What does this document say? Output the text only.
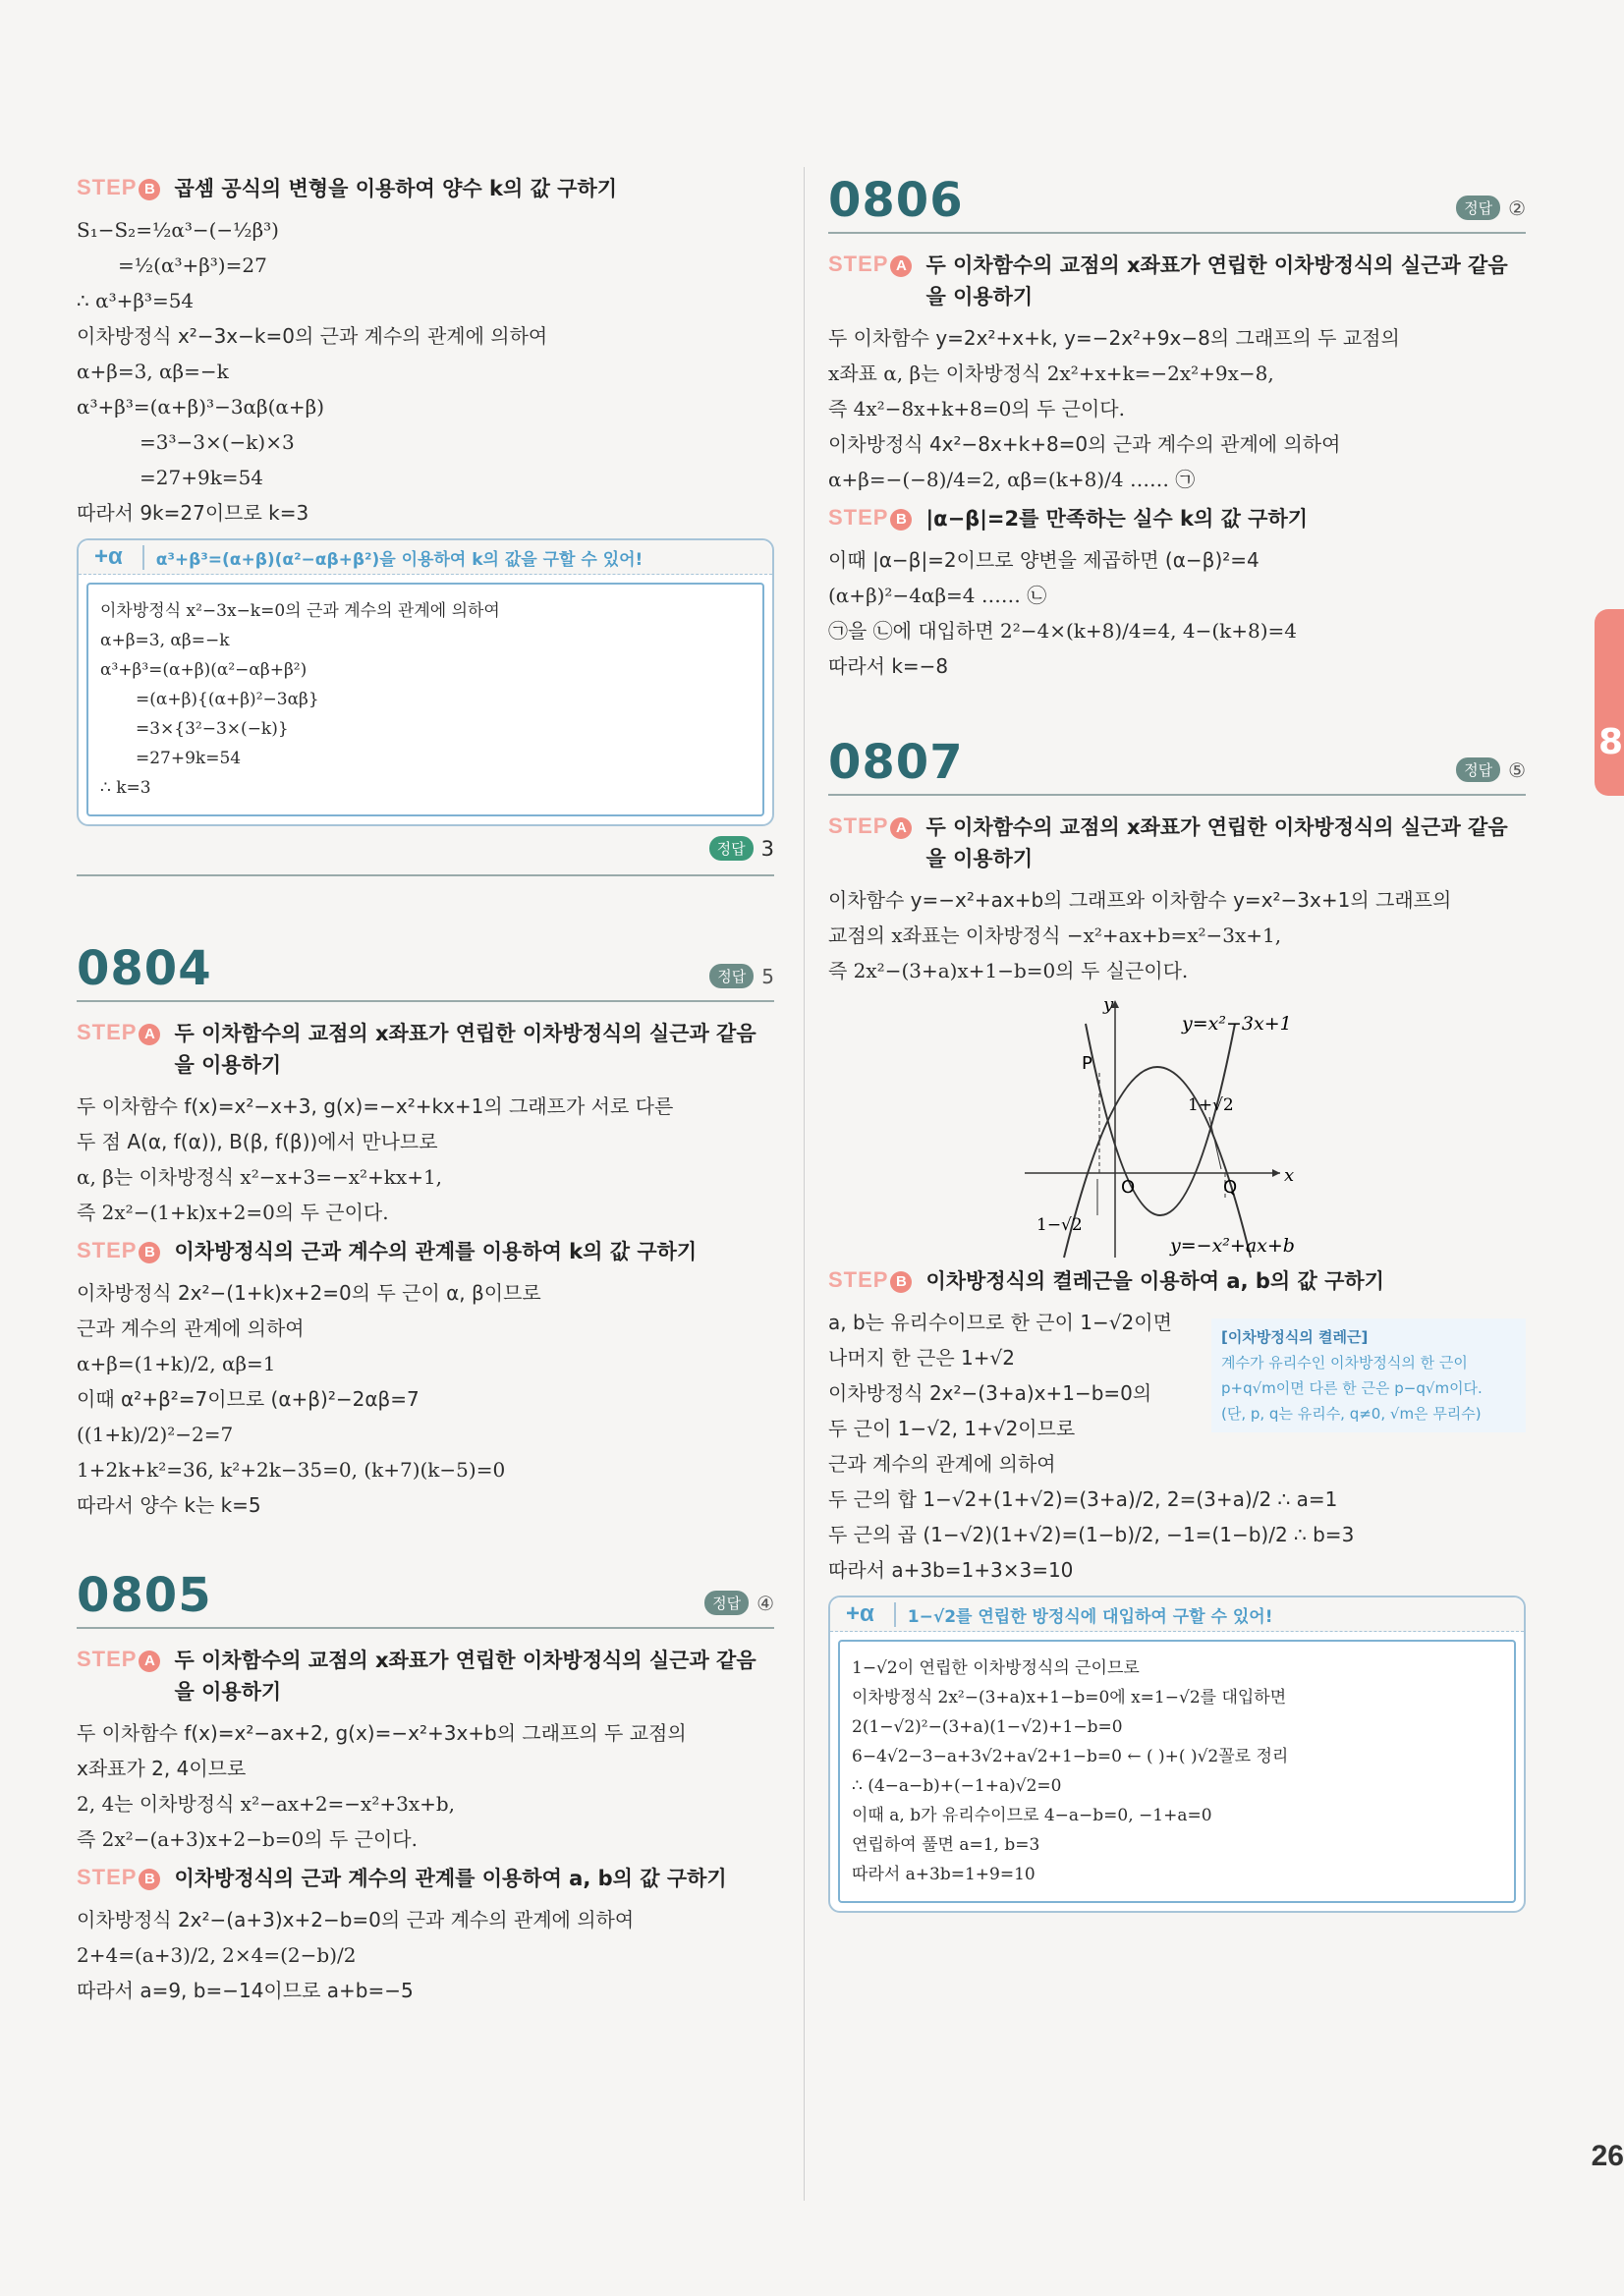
STEP B 곱셈 공식의 변형을 이용하여 양수 k의 값 구하기
S₁−S₂=½α³−(−½β³)
=½(α³+β³)=27
∴ α³+β³=54
이차방정식 x²−3x−k=0의 근과 계수의 관계에 의하여
α+β=3, αβ=−k
α³+β³=(α+β)³−3αβ(α+β)
=3³−3×(−k)×3
=27+9k=54
따라서 9k=27이므로 k=3
+α	α³+β³=(α+β)(α²−αβ+β²)을 이용하여 k의 값을 구할 수 있어!
이차방정식 x²−3x−k=0의 근과 계수의 관계에 의하여
α+β=3, αβ=−k
α³+β³=(α+β)(α²−αβ+β²)
=(α+β){(α+β)²−3αβ}
=3×{3²−3×(−k)}
=27+9k=54
∴ k=3
정답 3
0804	정답 5
STEP A 두 이차함수의 교점의 x좌표가 연립한 이차방정식의 실근과 같음을 이용하기
두 이차함수 f(x)=x²−x+3, g(x)=−x²+kx+1의 그래프가 서로 다른
두 점 A(α, f(α)), B(β, f(β))에서 만나므로
α, β는 이차방정식 x²−x+3=−x²+kx+1,
즉 2x²−(1+k)x+2=0의 두 근이다.
STEP B 이차방정식의 근과 계수의 관계를 이용하여 k의 값 구하기
이차방정식 2x²−(1+k)x+2=0의 두 근이 α, β이므로
근과 계수의 관계에 의하여
α+β=(1+k)/2, αβ=1
이때 α²+β²=7이므로 (α+β)²−2αβ=7
((1+k)/2)²−2=7
1+2k+k²=36, k²+2k−35=0, (k+7)(k−5)=0
따라서 양수 k는 k=5
0805	정답 ④
STEP A 두 이차함수의 교점의 x좌표가 연립한 이차방정식의 실근과 같음을 이용하기
두 이차함수 f(x)=x²−ax+2, g(x)=−x²+3x+b의 그래프의 두 교점의
x좌표가 2, 4이므로
2, 4는 이차방정식 x²−ax+2=−x²+3x+b,
즉 2x²−(a+3)x+2−b=0의 두 근이다.
STEP B 이차방정식의 근과 계수의 관계를 이용하여 a, b의 값 구하기
이차방정식 2x²−(a+3)x+2−b=0의 근과 계수의 관계에 의하여
2+4=(a+3)/2, 2×4=(2−b)/2
따라서 a=9, b=−14이므로 a+b=−5
0806	정답 ②
STEP A 두 이차함수의 교점의 x좌표가 연립한 이차방정식의 실근과 같음을 이용하기
두 이차함수 y=2x²+x+k, y=−2x²+9x−8의 그래프의 두 교점의
x좌표 α, β는 이차방정식 2x²+x+k=−2x²+9x−8,
즉 4x²−8x+k+8=0의 두 근이다.
이차방정식 4x²−8x+k+8=0의 근과 계수의 관계에 의하여
α+β=−(−8)/4=2, αβ=(k+8)/4 …… ㉠
STEP B |α−β|=2를 만족하는 실수 k의 값 구하기
이때 |α−β|=2이므로 양변을 제곱하면 (α−β)²=4
(α+β)²−4αβ=4 …… ㉡
㉠을 ㉡에 대입하면 2²−4×(k+8)/4=4, 4−(k+8)=4
따라서 k=−8
0807	정답 ⑤
STEP A 두 이차함수의 교점의 x좌표가 연립한 이차방정식의 실근과 같음을 이용하기
이차함수 y=−x²+ax+b의 그래프와 이차함수 y=x²−3x+1의 그래프의
교점의 x좌표는 이차방정식 −x²+ax+b=x²−3x+1,
즉 2x²−(3+a)x+1−b=0의 두 실근이다.
y
x
O
P
Q
y=x²−3x+1
y=−x²+ax+b
1−√2
1+√2
STEP B 이차방정식의 켤레근을 이용하여 a, b의 값 구하기
a, b는 유리수이므로 한 근이 1−√2이면
나머지 한 근은 1+√2
이차방정식 2x²−(3+a)x+1−b=0의
두 근이 1−√2, 1+√2이므로
근과 계수의 관계에 의하여
[이차방정식의 켤레근]
계수가 유리수인 이차방정식의 한 근이
p+q√m이면 다른 한 근은 p−q√m이다.
(단, p, q는 유리수, q≠0, √m은 무리수)
두 근의 합 1−√2+(1+√2)=(3+a)/2, 2=(3+a)/2 ∴ a=1
두 근의 곱 (1−√2)(1+√2)=(1−b)/2, −1=(1−b)/2 ∴ b=3
따라서 a+3b=1+3×3=10
+α	1−√2를 연립한 방정식에 대입하여 구할 수 있어!
1−√2이 연립한 이차방정식의 근이므로
이차방정식 2x²−(3+a)x+1−b=0에 x=1−√2를 대입하면
2(1−√2)²−(3+a)(1−√2)+1−b=0
6−4√2−3−a+3√2+a√2+1−b=0 ← ( )+( )√2꼴로 정리
∴ (4−a−b)+(−1+a)√2=0
이때 a, b가 유리수이므로 4−a−b=0, −1+a=0
연립하여 풀면 a=1, b=3
따라서 a+3b=1+9=10
8
26
